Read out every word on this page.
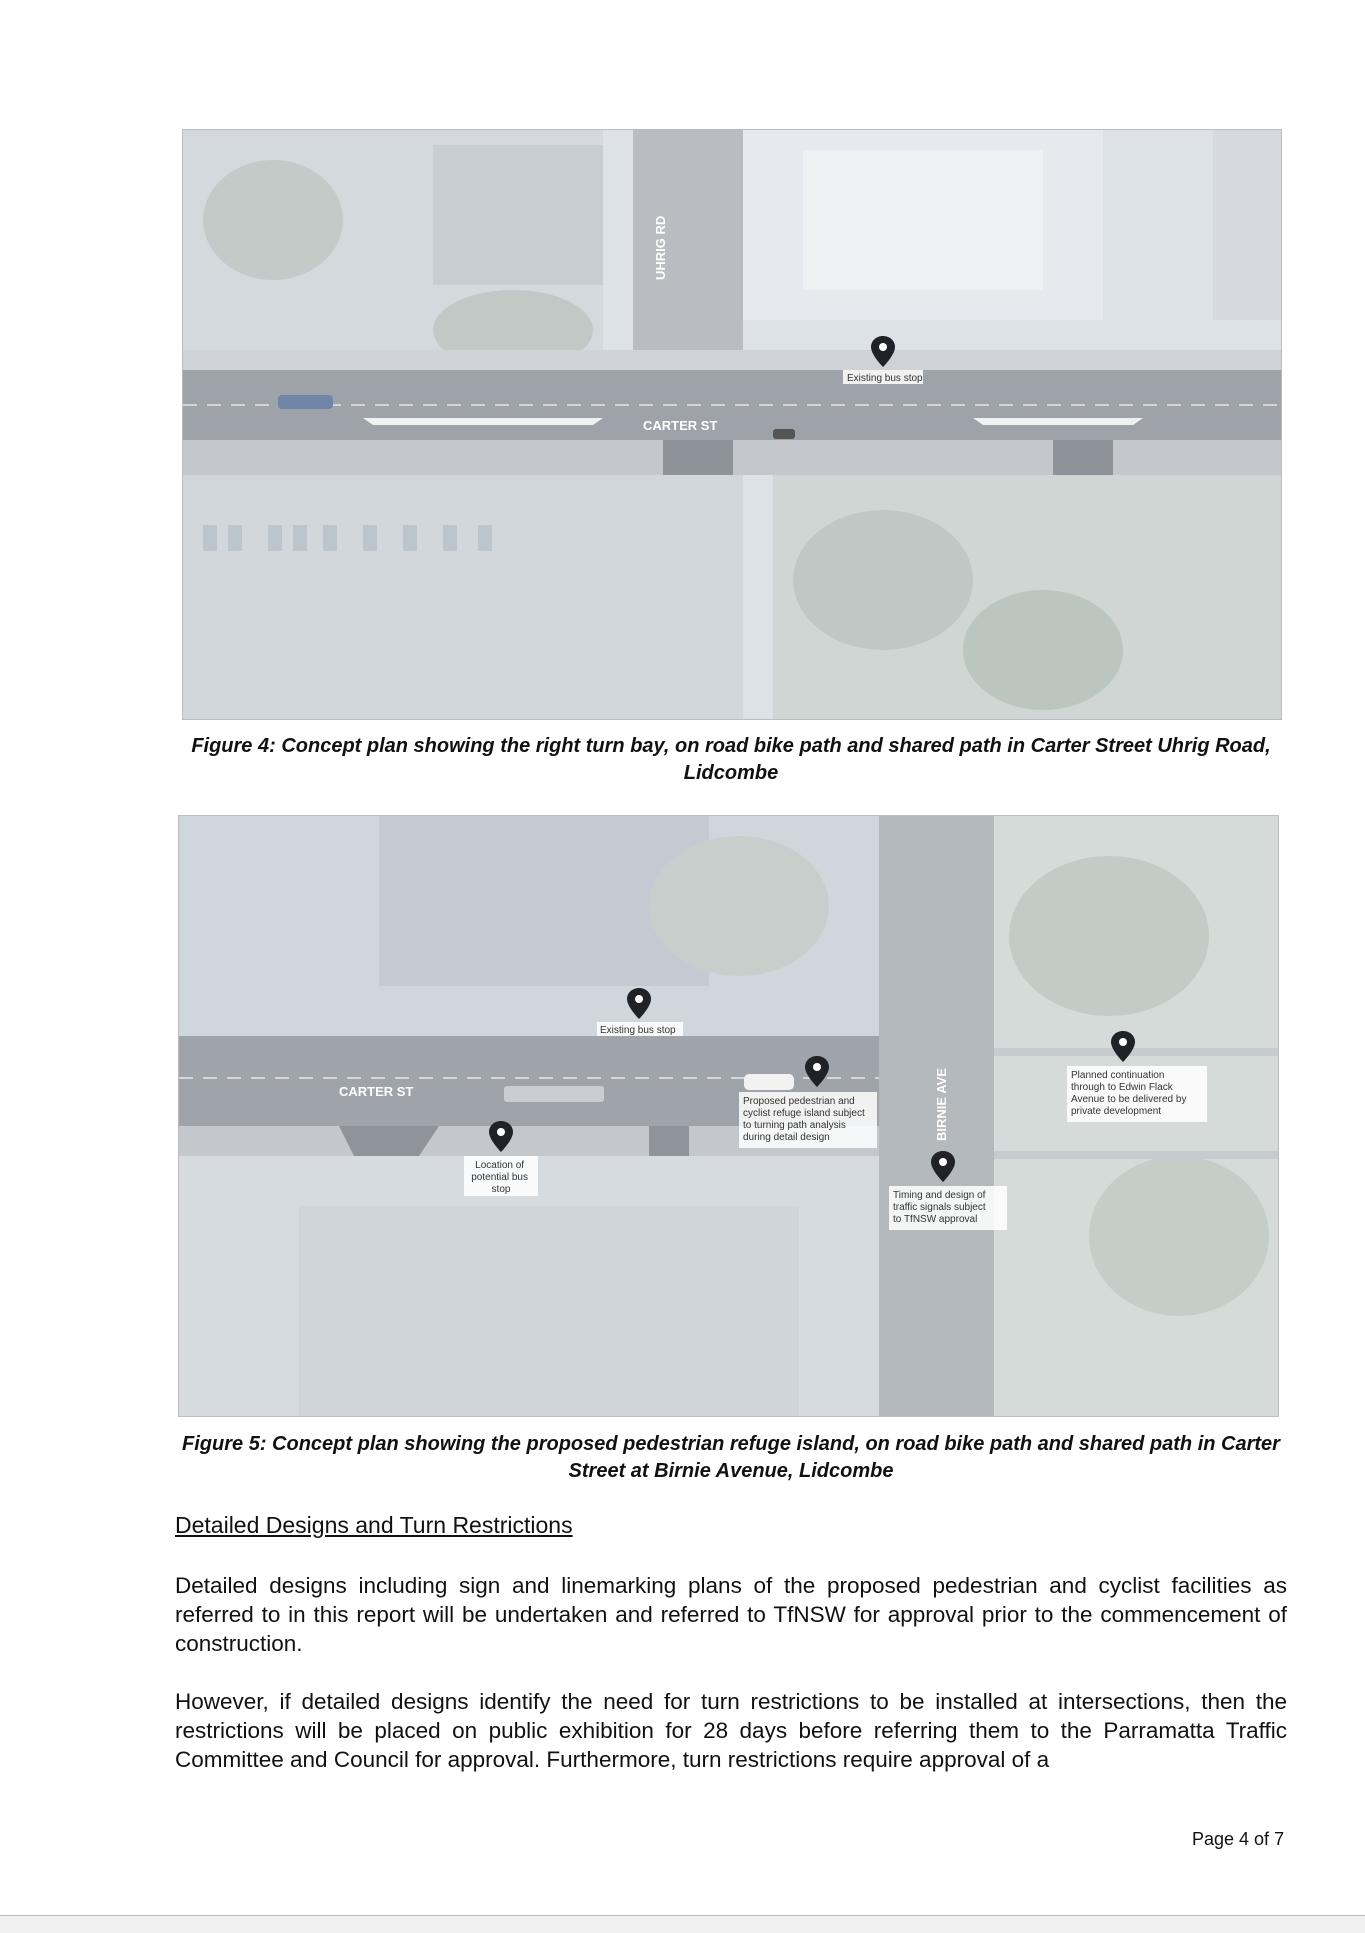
UHRIG RD
CARTER ST
Existing bus stop
Figure 4: Concept plan showing the right turn bay, on road bike path and shared path in Carter Street Uhrig Road, Lidcombe
CARTER ST	BIRNIE AVE
Existing bus stop
Proposed pedestrian and cyclist refuge island subject to turning path analysis during detail design
Location of potential bus stop
Timing and design of traffic signals subject to TfNSW approval
Planned continuation through to Edwin Flack Avenue to be delivered by private development
Figure 5: Concept plan showing the proposed pedestrian refuge island, on road bike path and shared path in Carter Street at Birnie Avenue, Lidcombe
Detailed Designs and Turn Restrictions
Detailed designs including sign and linemarking plans of the proposed pedestrian and cyclist facilities as referred to in this report will be undertaken and referred to TfNSW for approval prior to the commencement of construction.
However, if detailed designs identify the need for turn restrictions to be installed at intersections, then the restrictions will be placed on public exhibition for 28 days before referring them to the Parramatta Traffic Committee and Council for approval. Furthermore, turn restrictions require approval of a
Page 4 of 7
